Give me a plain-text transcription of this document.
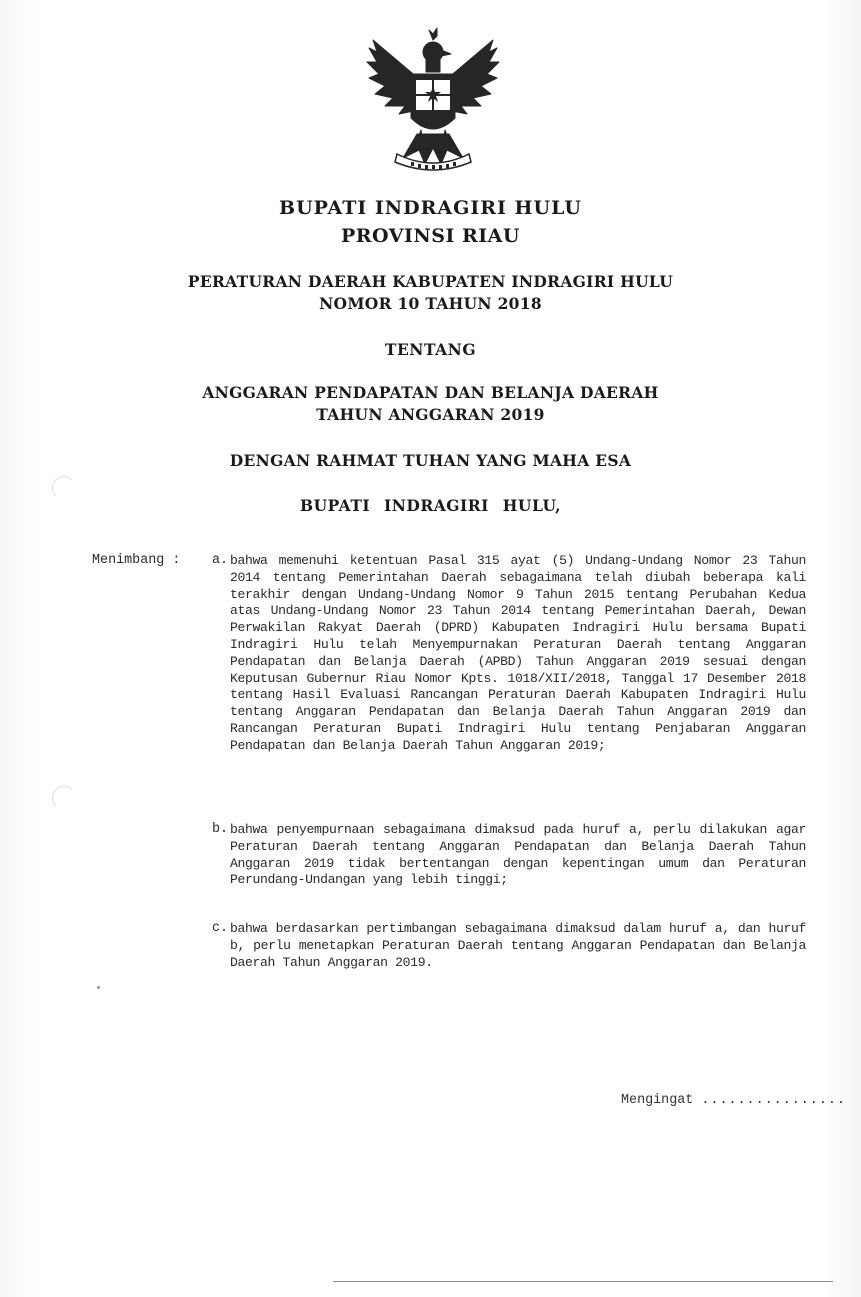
BUPATI INDRAGIRI HULU
PROVINSI RIAU
PERATURAN DAERAH KABUPATEN INDRAGIRI HULU
NOMOR 10 TAHUN 2018
TENTANG
ANGGARAN PENDAPATAN DAN BELANJA DAERAH
TAHUN ANGGARAN 2019
DENGAN RAHMAT TUHAN YANG MAHA ESA
BUPATI INDRAGIRI HULU,
Menimbang : a. bahwa memenuhi ketentuan Pasal 315 ayat (5) Undang-Undang Nomor 23 Tahun 2014 tentang Pemerintahan Daerah sebagaimana telah diubah beberapa kali terakhir dengan Undang-Undang Nomor 9 Tahun 2015 tentang Perubahan Kedua atas Undang-Undang Nomor 23 Tahun 2014 tentang Pemerintahan Daerah, Dewan Perwakilan Rakyat Daerah (DPRD) Kabupaten Indragiri Hulu bersama Bupati Indragiri Hulu telah Menyempurnakan Peraturan Daerah tentang Anggaran Pendapatan dan Belanja Daerah (APBD) Tahun Anggaran 2019 sesuai dengan Keputusan Gubernur Riau Nomor Kpts. 1018/XII/2018, Tanggal 17 Desember 2018 tentang Hasil Evaluasi Rancangan Peraturan Daerah Kabupaten Indragiri Hulu tentang Anggaran Pendapatan dan Belanja Daerah Tahun Anggaran 2019 dan Rancangan Peraturan Bupati Indragiri Hulu tentang Penjabaran Anggaran Pendapatan dan Belanja Daerah Tahun Anggaran 2019;
b. bahwa penyempurnaan sebagaimana dimaksud pada huruf a, perlu dilakukan agar Peraturan Daerah tentang Anggaran Pendapatan dan Belanja Daerah Tahun Anggaran 2019 tidak bertentangan dengan kepentingan umum dan Peraturan Perundang-Undangan yang lebih tinggi;
c. bahwa berdasarkan pertimbangan sebagaimana dimaksud dalam huruf a, dan huruf b, perlu menetapkan Peraturan Daerah tentang Anggaran Pendapatan dan Belanja Daerah Tahun Anggaran 2019.
Mengingat ................
